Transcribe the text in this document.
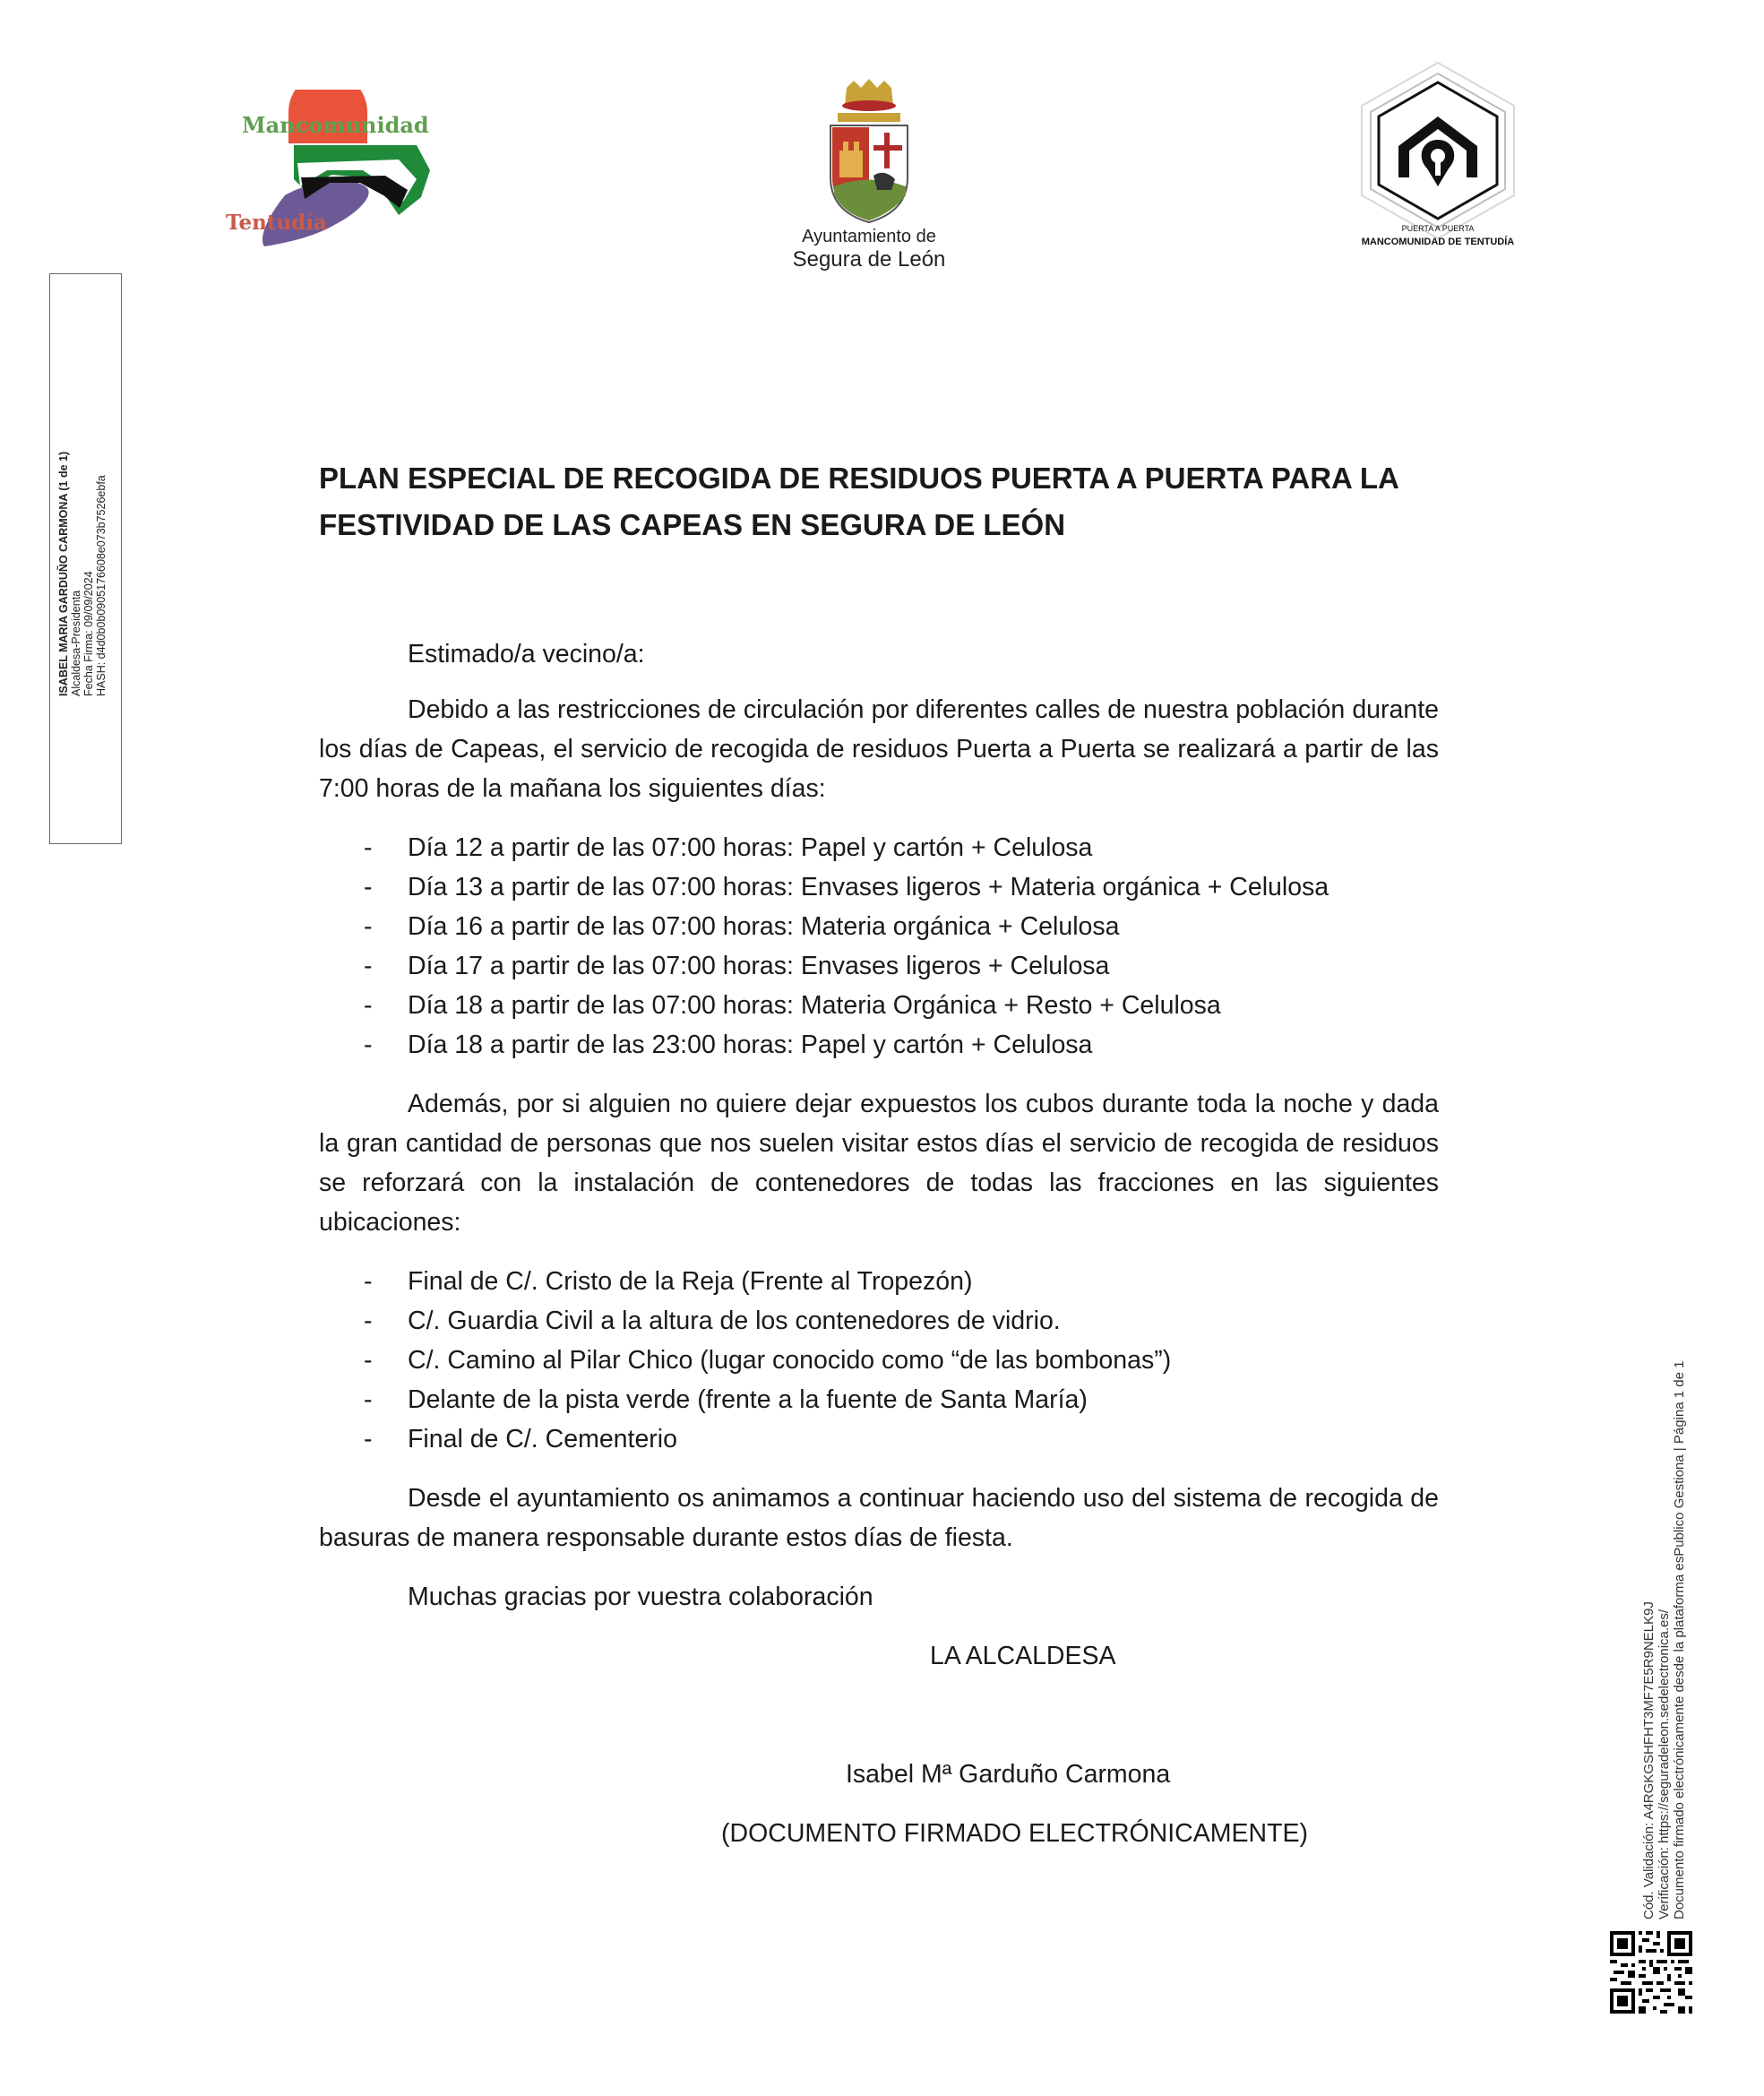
Mancomunidad
Tentudía
Ayuntamiento de
Segura de León
PUERTA A PUERTA
MANCOMUNIDAD DE TENTUDÍA
ISABEL MARIA GARDUÑO CARMONA (1 de 1) Alcaldesa-Presidenta Fecha Firma: 09/09/2024 HASH: d4d0b0b0905176608e073b7526ebfa
Cód. Validación: A4RGKGSHFHT3MF7E5R9NELK9J Verificación: https://seguradeleon.sedelectronica.es/ Documento firmado electrónicamente desde la plataforma esPublico Gestiona | Página 1 de 1
PLAN ESPECIAL DE RECOGIDA DE RESIDUOS PUERTA A PUERTA PARA LA
FESTIVIDAD DE LAS CAPEAS EN SEGURA DE LEÓN

Estimado/a vecino/a:

Debido a las restricciones de circulación por diferentes calles de nuestra población durante los días de Capeas, el servicio de recogida de residuos Puerta a Puerta se realizará a partir de las 7:00 horas de la mañana los siguientes días:

- Día 12 a partir de las 07:00 horas: Papel y cartón + Celulosa
- Día 13 a partir de las 07:00 horas: Envases ligeros + Materia orgánica + Celulosa
- Día 16 a partir de las 07:00 horas: Materia orgánica + Celulosa
- Día 17 a partir de las 07:00 horas: Envases ligeros + Celulosa
- Día 18 a partir de las 07:00 horas: Materia Orgánica + Resto + Celulosa
- Día 18 a partir de las 23:00 horas: Papel y cartón + Celulosa

Además, por si alguien no quiere dejar expuestos los cubos durante toda la noche y dada la gran cantidad de personas que nos suelen visitar estos días el servicio de recogida de residuos se reforzará con la instalación de contenedores de todas las fracciones en las siguientes ubicaciones:

- Final de C/. Cristo de la Reja (Frente al Tropezón)
- C/. Guardia Civil a la altura de los contenedores de vidrio.
- C/. Camino al Pilar Chico (lugar conocido como “de las bombonas”)
- Delante de la pista verde (frente a la fuente de Santa María)
- Final de C/. Cementerio

Desde el ayuntamiento os animamos a continuar haciendo uso del sistema de recogida de basuras de manera responsable durante estos días de fiesta.

Muchas gracias por vuestra colaboración

LA ALCALDESA

Isabel Mª Garduño Carmona

(DOCUMENTO FIRMADO ELECTRÓNICAMENTE)
